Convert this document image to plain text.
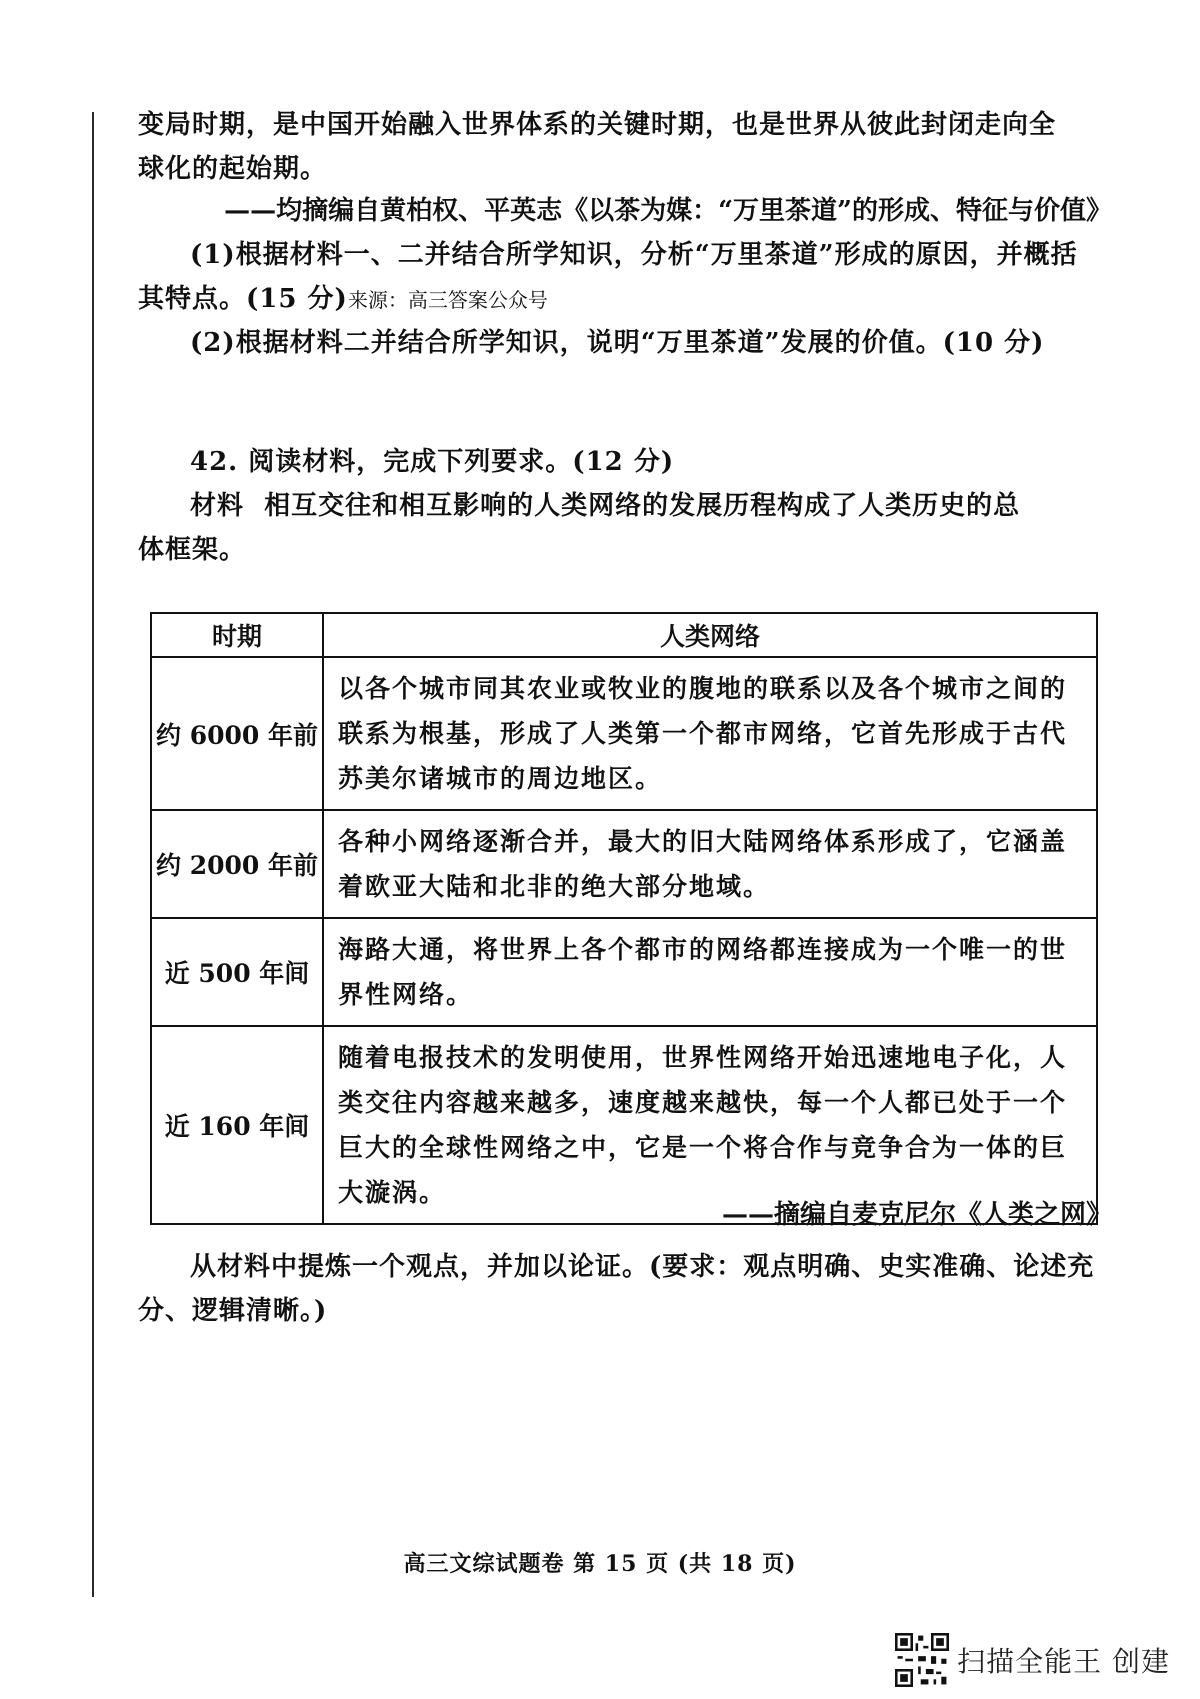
变局时期，是中国开始融入世界体系的关键时期，也是世界从彼此封闭走向全
球化的起始期。
——均摘编自黄柏权、平英志《以茶为媒：“万里茶道”的形成、特征与价值》
(1)根据材料一、二并结合所学知识，分析“万里茶道”形成的原因，并概括
其特点。(15 分)来源：高三答案公众号
(2)根据材料二并结合所学知识，说明“万里茶道”发展的价值。(10 分)
42. 阅读材料，完成下列要求。(12 分)
材料 相互交往和相互影响的人类网络的发展历程构成了人类历史的总
体框架。
时期	人类网络
约 6000 年前	以各个城市同其农业或牧业的腹地的联系以及各个城市之间的联系为根基，形成了人类第一个都市网络，它首先形成于古代苏美尔诸城市的周边地区。
约 2000 年前	各种小网络逐渐合并，最大的旧大陆网络体系形成了，它涵盖着欧亚大陆和北非的绝大部分地域。
近 500 年间	海路大通，将世界上各个都市的网络都连接成为一个唯一的世界性网络。
近 160 年间	随着电报技术的发明使用，世界性网络开始迅速地电子化，人类交往内容越来越多，速度越来越快，每一个人都已处于一个巨大的全球性网络之中，它是一个将合作与竞争合为一体的巨大漩涡。
——摘编自麦克尼尔《人类之网》
从材料中提炼一个观点，并加以论证。(要求：观点明确、史实准确、论述充
分、逻辑清晰。)
高三文综试题卷 第 15 页 (共 18 页)
扫描全能王 创建
